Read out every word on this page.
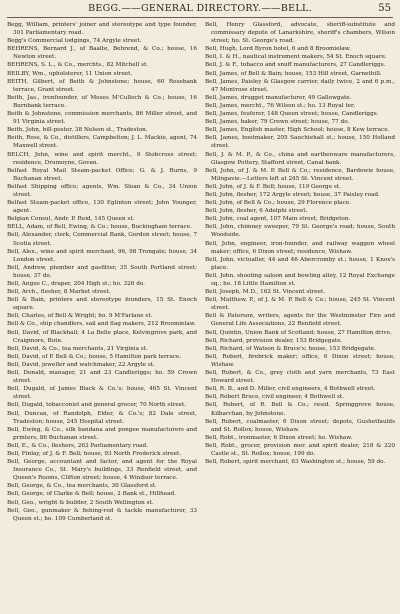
BEGG.——GENERAL DIRECTORY.——BELL.	55

Begg, William, printers' joiner and stereotype and type founder, 301 Parliamentary road.

Begg's Commercial lodgings, 74 Argyle street.

BEHRENS, Bernard J., of Baalte, Behrend, & Co.; house, 16 Newton street.

BEHRENS, S. L., & Co., merchts., 82 Mitchell st.

BEILBY, Wm., upholsterer, 11 Union street.

BEITH, Gilbert, of Beith & Johnstone; house, 60 Rosebank terrace, Grant street.

Beith, Jas., ironfounder, of Moses M'Culloch & Co.; house, 16 Burnbank terrace.

Beith & Johnstone, commission merchants, 86 Miller street, and 91 Virginia street.

Beith, John, bill-poster, 38 Nelson st., Tradeston.

Beith, Ross, & Co., distillers, Campbelton; J. L. Mackie, agent, 74 Maxwell street.

BELCH, John, wine and spirit mercht., 9 Stobcross street; residence, Drumoyne, Govan.

Belfast Royal Mail Steam-packet Office; G. & J. Burns, 9 Buchanan street.

Belfast Shipping office; agents, Wm. Sloan & Co., 34 Union street.

Belfast Steam-packet office, 130 Eglinton street; John Younger, agent.

Belgian Consul, Andr. P. Reid, 145 Queen st.

BELL, Adam, of Bell, Ewing, & Co.; house, Buckingham terrace.

Bell, Alexander, clerk, Commercial Bank, Gordon street; house, 7 Scotia street.

Bell, Alex., wine and spirit merchant, 96, 98 Trongate; house, 34 London street.

Bell, Andrew, plumber and gasfitter, 35 South Portland street; house, 37 do.

Bell, Angus C., draper, 204 High st.; ho. 326 do.

Bell, Arch., flesher, 8 Market street.

Bell & Bain, printers and stereotype founders, 15 St. Enoch square.

Bell, Charles, of Bell & Wright; ho. 9 M'Farlane st.

Bell & Co., ship chandlers, sail and flag makers, 212 Broomielaw.

Bell, David, of Blackhall; 4 La Belle place, Kelvingrove park, and Craigmore, Bute.

Bell, David, & Co., tea merchants, 21 Virginia st.

Bell, David, of P. Bell & Co.; house, 5 Hamilton park terrace.

Bell, David, jeweller and watchmaker, 22 Argyle st.

Bell, Donald, manager, 21 and 23 Candleriggs; ho. 59 Crown street.

Bell, Dugald, of James Black & Co.'s; house, 465 St. Vincent street.

Bell, Dugald, tobacconist and general grocer, 70 North street.

Bell, Duncan, of Randolph, Elder, & Co.'s; 82 Dale street, Tradeston; house, 245 Hospital street.

Bell, Ewing, & Co., silk bandana and pongee manufacturers and printers, 86 Buchanan street.

Bell, E., & Co., fleshers, 263 Parliamentary road.

Bell, Finlay, of J. & F. Bell; house, 93 North Frederick street.

Bell, George, accountant and factor, and agent for the Royal Insurance Co., St. Mary's buildings, 33 Renfield street, and Queen's Rooms, Clifton street; house, 4 Windsor terrace.

Bell, George, & Co., tea merchants, 30 Glassford st.

Bell, George, of Clarke & Bell; house, 2 Bank st., Hillhead.

Bell, Geo., wright & builder, 2 South Wellington st.

Bell, Geo., gunmaker & fishing-rod & tackle manufacturer, 33 Queen st.; ho. 109 Cumberland st.

Bell, Henry Glassford, advocate, sheriff-substitute and commissary depute of Lanarkshire, sheriff's chambers, Wilson street; ho. St. George's road.

Bell, Hugh, Lord Byron hotel, 6 and 8 Broomielaw.

Bell, I. & H., nautical instrument makers, 54 St. Enoch square.

Bell, J. & F., tobacco and snuff manufacturers, 27 Candleriggs.

Bell, James, of Bell & Bain; house, 153 Hill street, Garnethill.

Bell, James, Paisley & Glasgow carrier, daily twice, 2 and 6 p.m., 47 Montrose street.

Bell, James, drugget manufacturer, 49 Gallowgate.

Bell, James, mercht., 76 Wilson st.; ho. 13 Royal ter.

Bell, James, feuferer, 148 Queen street; house, Candleriggs.

Bell, James, baker, 79 Crown street; house, 77 do.

Bell, James, English master, High School; house, 8 Kew terrace.

Bell, James, bootmaker, 205 Sauchiehall st.; house, 150 Holland street.

Bell, J. & M. P., & Co., china and earthenware manufacturers, Glasgow Pottery, Stafford street, Canal bank.

Bell, John, of J. & M. P. Bell & Co.; residence, Bardowie house, Milngavie.—Letters left at 245 St. Vincent street.

Bell, John, of J. & F. Bell; house, 119 George st.

Bell, John, flesher, 172 Argyle street; house, 37 Paisley road.

Bell, John, of Bell & Co.; house, 29 Florence place.

Bell, John, flesher, 6 Adelphi street.

Bell, John, coal agent, 107 Main street, Bridgeton.

Bell, John, chimney sweeper, 79 St. George's road; house, South Woodside.

Bell, John, engineer, iron-founder, and railway waggon wheel maker; office, 6 Dixon street; residence, Wishaw.

Bell, John, victualler, 44 and 46 Abercromby st.; house, 1 Knox's place.

Bell, John, shooting saloon and bowling alley, 12 Royal Exchange sq.; ho. 18 Little Hamilton st.

Bell, Joseph, M.D., 162 St. Vincent street.

Bell, Matthew, P., of J. & M. P. Bell & Co.; house, 245 St. Vincent street.

Bell & Paterson, writers, agents for the Westminster Fire and General Life Associations, 22 Renfield street.

Bell, Quintin, Union Bank of Scotland; house, 27 Hamilton drive.

Bell, Richard, provision dealer, 153 Bridgegate.

Bell, Richard, of Watson & Bruce's; house, 153 Bridgegate.

Bell, Robert, firebrick maker; office, 6 Dixon street; house, Wishaw.

Bell, Robert, & Co., grey cloth and yarn merchants, 73 East Howard street.

Bell, R. B., and D. Miller, civil engineers, 4 Bothwell street.

Bell, Robert Bruce, civil engineer, 4 Bothwell st.

Bell, Robert, of R. Bell & Co.; resid. Springgrove house, Kilbarchan, by Johnstone.

Bell, Robert, coalmaster, 6 Dixon street; depots, Gushetfaulds and St. Rollox; house, Wishaw.

Bell, Robt., ironmaster, 6 Dixon street; ho. Wishaw.

Bell, Robt., grocer, provision mer. and spirit dealer, 218 & 220 Castle st., St. Rollox; house, 199 do.

Bell, Robert, spirit merchant, 63 Washington st.; house, 59 do.
